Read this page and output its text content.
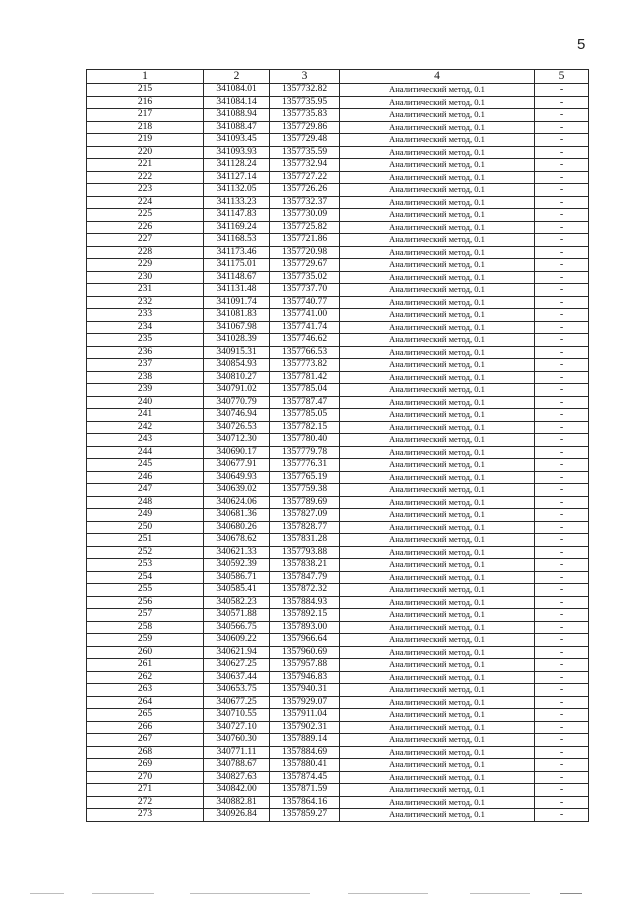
5
1	2	3	4	5
215	341084.01	1357732.82	Аналитический метод, 0.1	-
216	341084.14	1357735.95	Аналитический метод, 0.1	-
217	341088.94	1357735.83	Аналитический метод, 0.1	-
218	341088.47	1357729.86	Аналитический метод, 0.1	-
219	341093.45	1357729.48	Аналитический метод, 0.1	-
220	341093.93	1357735.59	Аналитический метод, 0.1	-
221	341128.24	1357732.94	Аналитический метод, 0.1	-
222	341127.14	1357727.22	Аналитический метод, 0.1	-
223	341132.05	1357726.26	Аналитический метод, 0.1	-
224	341133.23	1357732.37	Аналитический метод, 0.1	-
225	341147.83	1357730.09	Аналитический метод, 0.1	-
226	341169.24	1357725.82	Аналитический метод, 0.1	-
227	341168.53	1357721.86	Аналитический метод, 0.1	-
228	341173.46	1357720.98	Аналитический метод, 0.1	-
229	341175.01	1357729.67	Аналитический метод, 0.1	-
230	341148.67	1357735.02	Аналитический метод, 0.1	-
231	341131.48	1357737.70	Аналитический метод, 0.1	-
232	341091.74	1357740.77	Аналитический метод, 0.1	-
233	341081.83	1357741.00	Аналитический метод, 0.1	-
234	341067.98	1357741.74	Аналитический метод, 0.1	-
235	341028.39	1357746.62	Аналитический метод, 0.1	-
236	340915.31	1357766.53	Аналитический метод, 0.1	-
237	340854.93	1357773.82	Аналитический метод, 0.1	-
238	340810.27	1357781.42	Аналитический метод, 0.1	-
239	340791.02	1357785.04	Аналитический метод, 0.1	-
240	340770.79	1357787.47	Аналитический метод, 0.1	-
241	340746.94	1357785.05	Аналитический метод, 0.1	-
242	340726.53	1357782.15	Аналитический метод, 0.1	-
243	340712.30	1357780.40	Аналитический метод, 0.1	-
244	340690.17	1357779.78	Аналитический метод, 0.1	-
245	340677.91	1357776.31	Аналитический метод, 0.1	-
246	340649.93	1357765.19	Аналитический метод, 0.1	-
247	340639.02	1357759.38	Аналитический метод, 0.1	-
248	340624.06	1357789.69	Аналитический метод, 0.1	-
249	340681.36	1357827.09	Аналитический метод, 0.1	-
250	340680.26	1357828.77	Аналитический метод, 0.1	-
251	340678.62	1357831.28	Аналитический метод, 0.1	-
252	340621.33	1357793.88	Аналитический метод, 0.1	-
253	340592.39	1357838.21	Аналитический метод, 0.1	-
254	340586.71	1357847.79	Аналитический метод, 0.1	-
255	340585.41	1357872.32	Аналитический метод, 0.1	-
256	340582.23	1357884.93	Аналитический метод, 0.1	-
257	340571.88	1357892.15	Аналитический метод, 0.1	-
258	340566.75	1357893.00	Аналитический метод, 0.1	-
259	340609.22	1357966.64	Аналитический метод, 0.1	-
260	340621.94	1357960.69	Аналитический метод, 0.1	-
261	340627.25	1357957.88	Аналитический метод, 0.1	-
262	340637.44	1357946.83	Аналитический метод, 0.1	-
263	340653.75	1357940.31	Аналитический метод, 0.1	-
264	340677.25	1357929.07	Аналитический метод, 0.1	-
265	340710.55	1357911.04	Аналитический метод, 0.1	-
266	340727.10	1357902.31	Аналитический метод, 0.1	-
267	340760.30	1357889.14	Аналитический метод, 0.1	-
268	340771.11	1357884.69	Аналитический метод, 0.1	-
269	340788.67	1357880.41	Аналитический метод, 0.1	-
270	340827.63	1357874.45	Аналитический метод, 0.1	-
271	340842.00	1357871.59	Аналитический метод, 0.1	-
272	340882.81	1357864.16	Аналитический метод, 0.1	-
273	340926.84	1357859.27	Аналитический метод, 0.1	-
